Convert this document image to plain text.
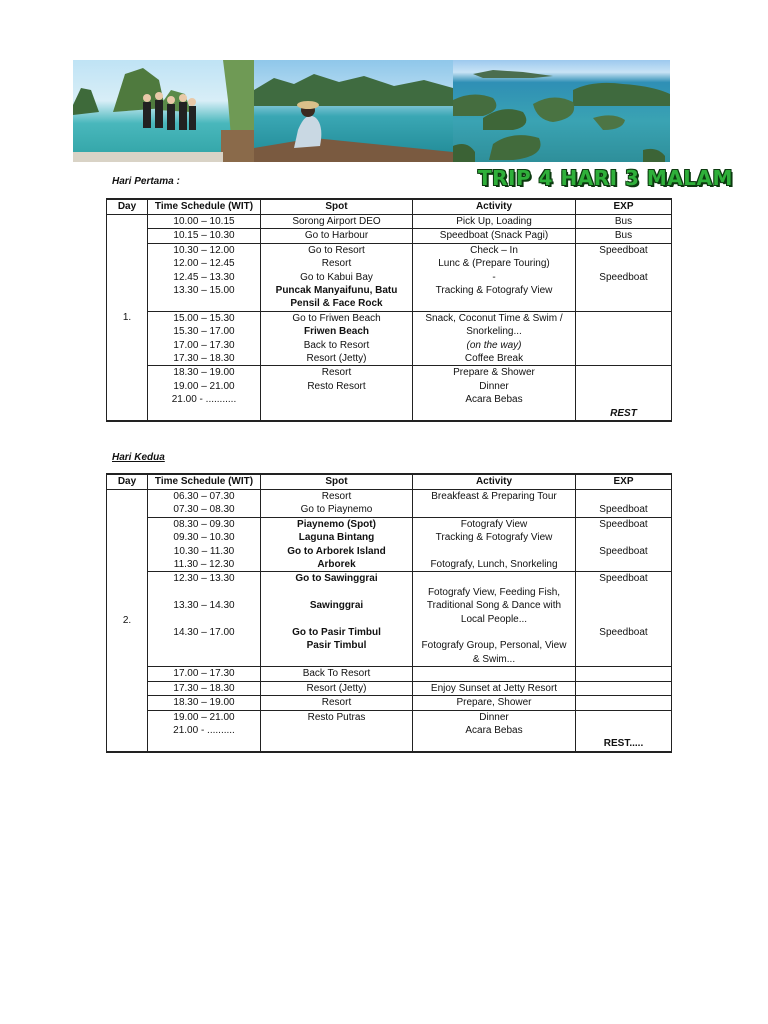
TRIP 4 HARI 3 MALAM
Hari Pertama :
Day	Time Schedule (WIT)	Spot	Activity	EXP
1.	10.00 – 10.15	Sorong Airport DEO	Pick Up, Loading	Bus
	10.15 – 10.30	Go to Harbour	Speedboat (Snack Pagi)	Bus
	10.30 – 12.00	Go to Resort	Check – In	Speedboat
	12.00 – 12.45	Resort	Lunc & (Prepare Touring)	
	12.45 – 13.30	Go to Kabui Bay	-	Speedboat
	13.30 – 15.00	Puncak Manyaifunu, Batu Pensil & Face Rock	Tracking & Fotografy View	
	15.00 – 15.30	Go to Friwen Beach	Snack, Coconut Time & Swim /	
	15.30 – 17.00	Friwen Beach	Snorkeling...	
	17.00 – 17.30	Back to Resort	(on the way)	
	17.30 – 18.30	Resort (Jetty)	Coffee Break	
	18.30 – 19.00	Resort	Prepare & Shower	
	19.00 – 21.00	Resto Resort	Dinner	
	21.00 - ...........		Acara Bebas	
				REST
Hari Kedua
Day	Time Schedule (WIT)	Spot	Activity	EXP
2.	06.30 – 07.30	Resort	Breakfeast & Preparing Tour	
	07.30 – 08.30	Go to Piaynemo		Speedboat
	08.30 – 09.30	Piaynemo (Spot)	Fotografy View	Speedboat
	09.30 – 10.30	Laguna Bintang	Tracking & Fotografy View	
	10.30 – 11.30	Go to Arborek Island		Speedboat
	11.30 – 12.30	Arborek	Fotografy, Lunch, Snorkeling	
	12.30 – 13.30	Go to Sawinggrai		Speedboat
	13.30 – 14.30	Sawinggrai	Fotografy View, Feeding Fish, Traditional Song & Dance with Local People...	
	14.30 – 17.00	Go to Pasir Timbul		Speedboat
		Pasir Timbul	Fotografy Group, Personal, View & Swim...	
	17.00 – 17.30	Back To Resort		
	17.30 – 18.30	Resort (Jetty)	Enjoy Sunset at Jetty Resort	
	18.30 – 19.00	Resort	Prepare, Shower	
	19.00 – 21.00	Resto Putras	Dinner	
	21.00 - ..........		Acara Bebas	
				REST.....
